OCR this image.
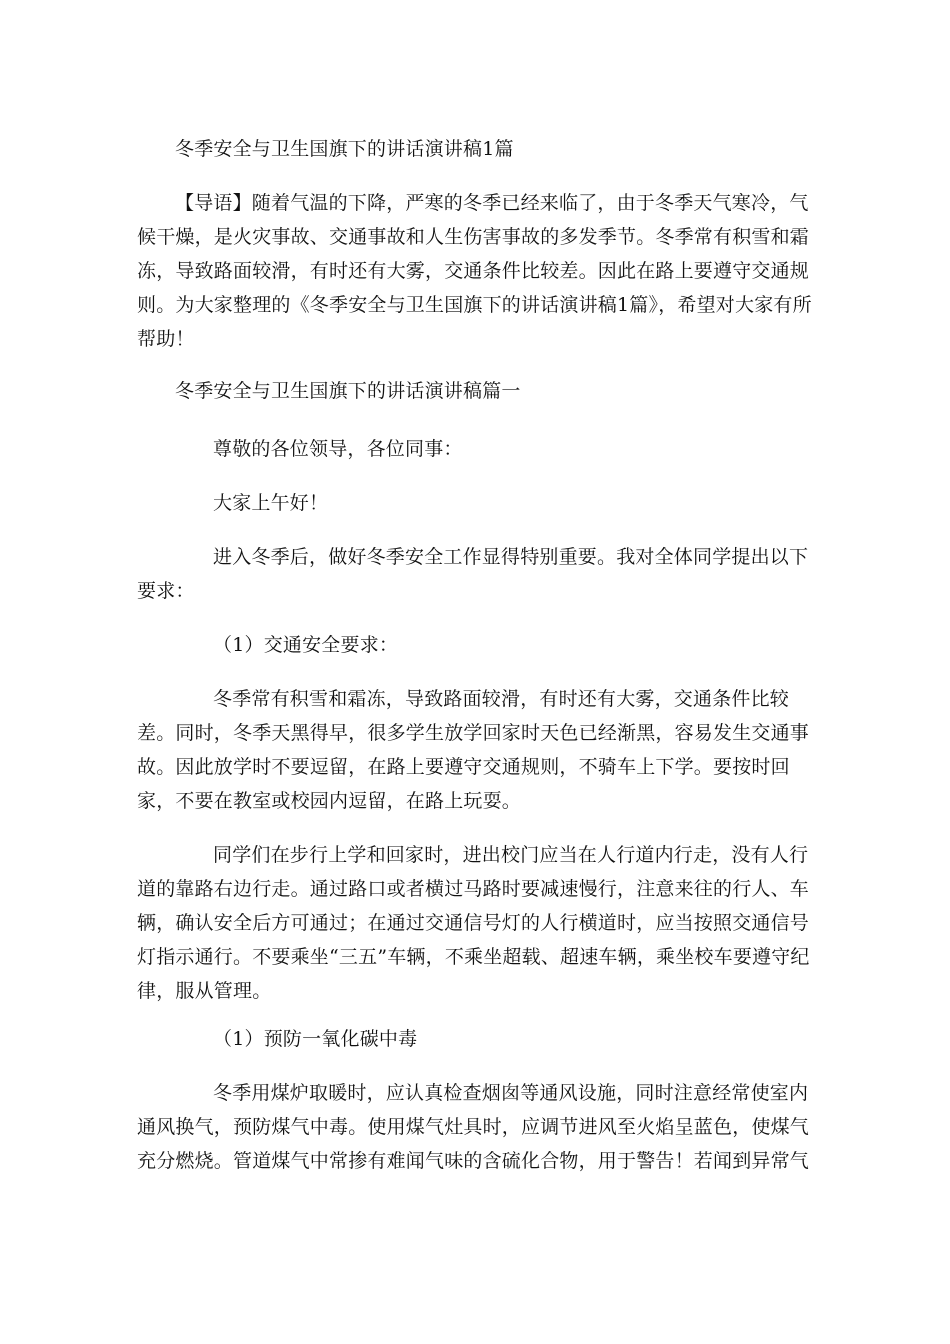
冬季安全与卫生国旗下的讲话演讲稿1篇

【导语】随着气温的下降，严寒的冬季已经来临了，由于冬季天气寒冷，气候干燥，是火灾事故、交通事故和人生伤害事故的多发季节。冬季常有积雪和霜冻，导致路面较滑，有时还有大雾，交通条件比较差。因此在路上要遵守交通规则。为大家整理的《冬季安全与卫生国旗下的讲话演讲稿1篇》，希望对大家有所帮助！

冬季安全与卫生国旗下的讲话演讲稿篇一

尊敬的各位领导，各位同事：

大家上午好！

进入冬季后，做好冬季安全工作显得特别重要。我对全体同学提出以下要求：

（1）交通安全要求：

冬季常有积雪和霜冻，导致路面较滑，有时还有大雾，交通条件比较差。同时，冬季天黑得早，很多学生放学回家时天色已经渐黑，容易发生交通事故。因此放学时不要逗留，在路上要遵守交通规则，不骑车上下学。要按时回家，不要在教室或校园内逗留，在路上玩耍。

同学们在步行上学和回家时，进出校门应当在人行道内行走，没有人行道的靠路右边行走。通过路口或者横过马路时要减速慢行，注意来往的行人、车辆，确认安全后方可通过；在通过交通信号灯的人行横道时，应当按照交通信号灯指示通行。不要乘坐“三五”车辆，不乘坐超载、超速车辆，乘坐校车要遵守纪律，服从管理。

（1）预防一氧化碳中毒

冬季用煤炉取暖时，应认真检查烟囱等通风设施，同时注意经常使室内通风换气，预防煤气中毒。使用煤气灶具时，应调节进风至火焰呈蓝色，使煤气充分燃烧。管道煤气中常掺有难闻气味的含硫化合物，用于警告！若闻到异常气
